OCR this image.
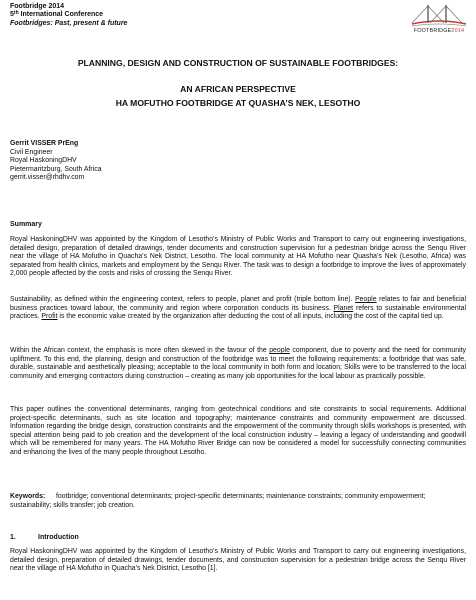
Footbridge 2014
5th International Conference
Footbridges: Past, present & future
FOOTBRIDGE2014
PLANNING, DESIGN AND CONSTRUCTION OF SUSTAINABLE FOOTBRIDGES:
AN AFRICAN PERSPECTIVE
HA MOFUTHO FOOTBRIDGE AT QUASHA’S NEK, LESOTHO
Gerrit VISSER PrEng
Civil Engineer
Royal HaskoningDHV
Pietermaritzburg, South Africa
gerrit.visser@rhdhv.com
Summary
Royal HaskoningDHV was appointed by the Kingdom of Lesotho’s Ministry of Public Works and Transport to carry out engineering investigations, detailed design, preparation of detailed drawings, tender documents and construction supervision for a pedestrian bridge across the Senqu River near the village of HA Mofutho in Quacha’s Nek District, Lesotho. The local community at HA Mofutho near Quasha’s Nek (Lesotho, Africa) was separated from health clinics, markets and employment by the Senqu River. The task was to design a footbridge to improve the lives of approximately 2,000 people affected by the costs and risks of crossing the Senqu River.
Sustainability, as defined within the engineering context, refers to people, planet and profit (triple bottom line). People relates to fair and beneficial business practices toward labour, the community and region where corporation conducts its business. Planet refers to sustainable environmental practices. Profit is the economic value created by the organization after deducting the cost of all inputs, including the cost of the capital tied up.
Within the African context, the emphasis is more often skewed in the favour of the people component, due to poverty and the need for community upliftment. To this end, the planning, design and construction of the footbridge was to meet the following requirements: a footbridge that was safe, durable, sustainable and aesthetically pleasing; acceptable to the local community in both form and location; Skills were to be transferred to the local community and emerging contractors during construction – creating as many job opportunities for the local labour as practically possible.
This paper outlines the conventional determinants, ranging from geotechnical conditions and site constraints to social requirements. Additional project-specific determinants, such as site location and topography; maintenance constraints and community empowerment are discussed. Information regarding the bridge design, construction constraints and the empowerment of the community through skills workshops is presented, with special attention being paid to job creation and the development of the local construction industry – leaving a legacy of understanding and goodwill which will be remembered for many years. The HA Mofutho River Bridge can now be considered a model for successfully connecting communities and enhancing the lives of the many people throughout Lesotho.
Keywords: footbridge; conventional determinants; project-specific determinants; maintenance constraints; community empowerment; sustainability; skills transfer; job creation.
1.	Introduction
Royal HaskoningDHV was appointed by the Kingdom of Lesotho’s Ministry of Public Works and Transport to carry out engineering investigations, detailed design, preparation of detailed drawings, tender documents, and construction supervision for a pedestrian bridge across the Senqu River near the village of HA Mofutho in Quacha’s Nek District, Lesotho [1].
